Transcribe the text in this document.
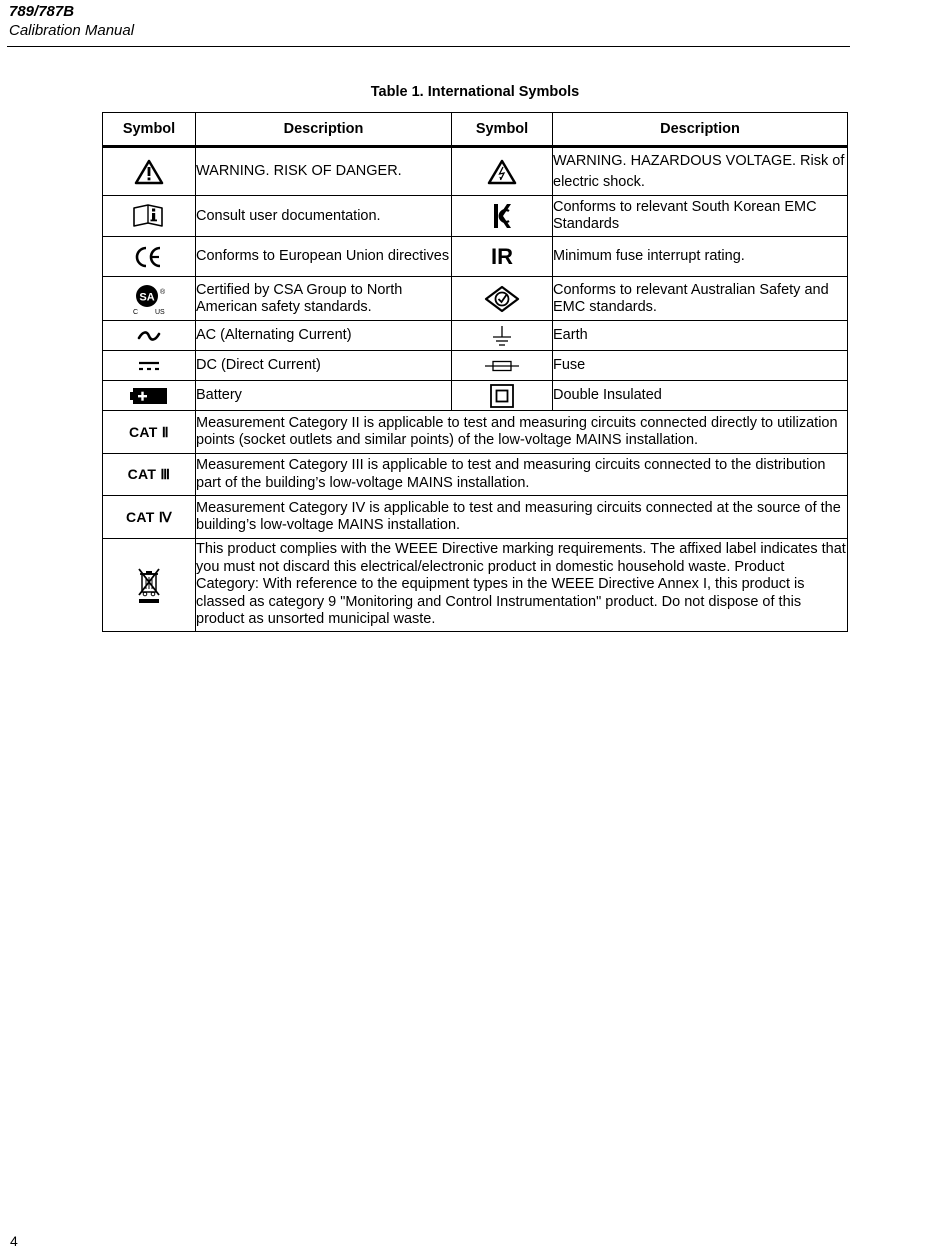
789/787B
Calibration Manual
Table 1. International Symbols
Symbol	Description	Symbol	Description

	WARNING. RISK OF DANGER.		WARNING. HAZARDOUS VOLTAGE. Risk of electric shock.

	Consult user documentation.		Conforms to relevant South Korean EMC Standards

	Conforms to European Union directives	IR	Minimum fuse interrupt rating.

SA
C US
®	Certified by CSA Group to North American safety standards.		Conforms to relevant Australian Safety and EMC standards.

	AC (Alternating Current)		Earth

	DC (Direct Current)		Fuse

	Battery		Double Insulated
CAT Ⅱ	Measurement Category II is applicable to test and measuring circuits connected directly to utilization points (socket outlets and similar points) of the low-voltage MAINS installation.		
CAT Ⅲ	Measurement Category III is applicable to test and measuring circuits connected to the distribution part of the building’s low-voltage MAINS installation.		
CAT Ⅳ	Measurement Category IV is applicable to test and measuring circuits connected at the source of the building’s low-voltage MAINS installation.		

	This product complies with the WEEE Directive marking requirements. The affixed label indicates that you must not discard this electrical/electronic product in domestic household waste. Product Category: With reference to the equipment types in the WEEE Directive Annex I, this product is classed as category 9 "Monitoring and Control Instrumentation" product. Do not dispose of this product as unsorted municipal waste.		
4
